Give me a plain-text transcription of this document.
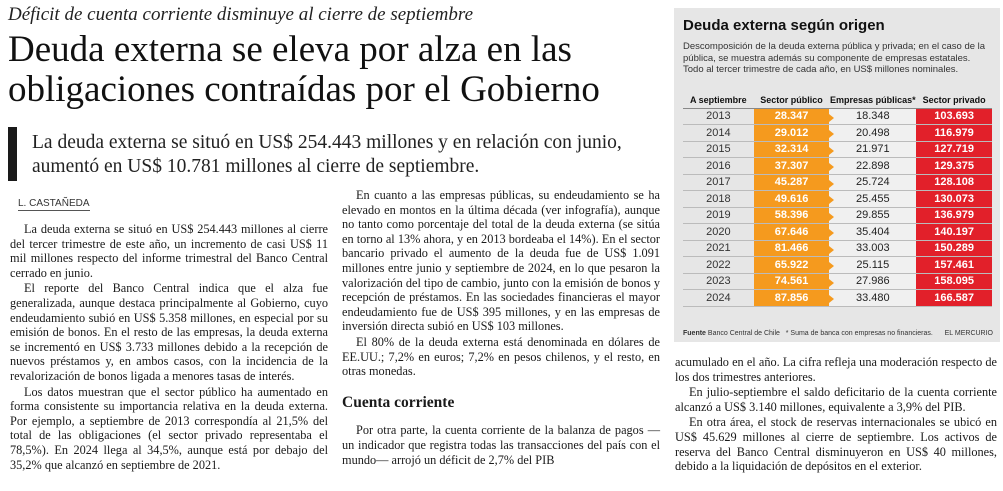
Déficit de cuenta corriente disminuye al cierre de septiembre
Deuda externa se eleva por alza en las obligaciones contraídas por el Gobierno
La deuda externa se situó en US$ 254.443 millones y en relación con junio, aumentó en US$ 10.781 millones al cierre de septiembre.
L. CASTAÑEDA

La deuda externa se situó en US$ 254.443 millones al cierre del tercer trimestre de este año, un incremento de casi US$ 11 mil millones respecto del informe trimestral del Banco Central cerrado en junio.

El reporte del Banco Central indica que el alza fue generalizada, aunque destaca principalmente al Gobierno, cuyo endeudamiento subió en US$ 5.358 millones, en especial por su emisión de bonos. En el resto de las empresas, la deuda externa se incrementó en US$ 3.733 millones debido a la recepción de nuevos préstamos y, en ambos casos, con la incidencia de la revalorización de bonos ligada a menores tasas de interés.

Los datos muestran que el sector público ha aumentado en forma consistente su importancia relativa en la deuda externa. Por ejemplo, a septiembre de 2013 correspondía al 21,5% del total de las obligaciones (el sector privado representaba el 78,5%). En 2024 llega al 34,5%, aunque está por debajo del 35,2% que alcanzó en septiembre de 2021.

En cuanto a las empresas públicas, su endeudamiento se ha elevado en montos en la última década (ver infografía), aunque no tanto como porcentaje del total de la deuda externa (se sitúa en torno al 13% ahora, y en 2013 bordeaba el 14%). En el sector bancario privado el aumento de la deuda fue de US$ 1.091 millones entre junio y septiembre de 2024, en lo que pesaron la valorización del tipo de cambio, junto con la emisión de bonos y recepción de préstamos. En las sociedades financieras el mayor endeudamiento fue de US$ 395 millones, y en las empresas de inversión directa subió en US$ 103 millones.

El 80% de la deuda externa está denominada en dólares de EE.UU.; 7,2% en euros; 7,2% en pesos chilenos, y el resto, en otras monedas.

Cuenta corriente

Por otra parte, la cuenta corriente de la balanza de pagos —un indicador que registra todas las transacciones del país con el mundo— arrojó un déficit de 2,7% del PIB

acumulado en el año. La cifra refleja una moderación respecto de los dos trimestres anteriores.

En julio-septiembre el saldo deficitario de la cuenta corriente alcanzó a US$ 3.140 millones, equivalente a 3,9% del PIB.

En otra área, el stock de reservas internacionales se ubicó en US$ 45.629 millones al cierre de septiembre. Los activos de reserva del Banco Central disminuyeron en US$ 40 millones, debido a la liquidación de depósitos en el exterior.

Deuda externa según origen
Descomposición de la deuda externa pública y privada; en el caso de la pública, se muestra además su componente de empresas estatales. Todo al tercer trimestre de cada año, en US$ millones nominales.
A septiembre	Sector público	Empresas públicas*	Sector privado
2013	28.347	18.348	103.693
2014	29.012	20.498	116.979
2015	32.314	21.971	127.719
2016	37.307	22.898	129.375
2017	45.287	25.724	128.108
2018	49.616	25.455	130.073
2019	58.396	29.855	136.979
2020	67.646	35.404	140.197
2021	81.466	33.003	150.289
2022	65.922	25.115	157.461
2023	74.561	27.986	158.095
2024	87.856	33.480	166.587
Fuente Banco Central de Chile * Suma de banca con empresas no financieras. EL MERCURIO
